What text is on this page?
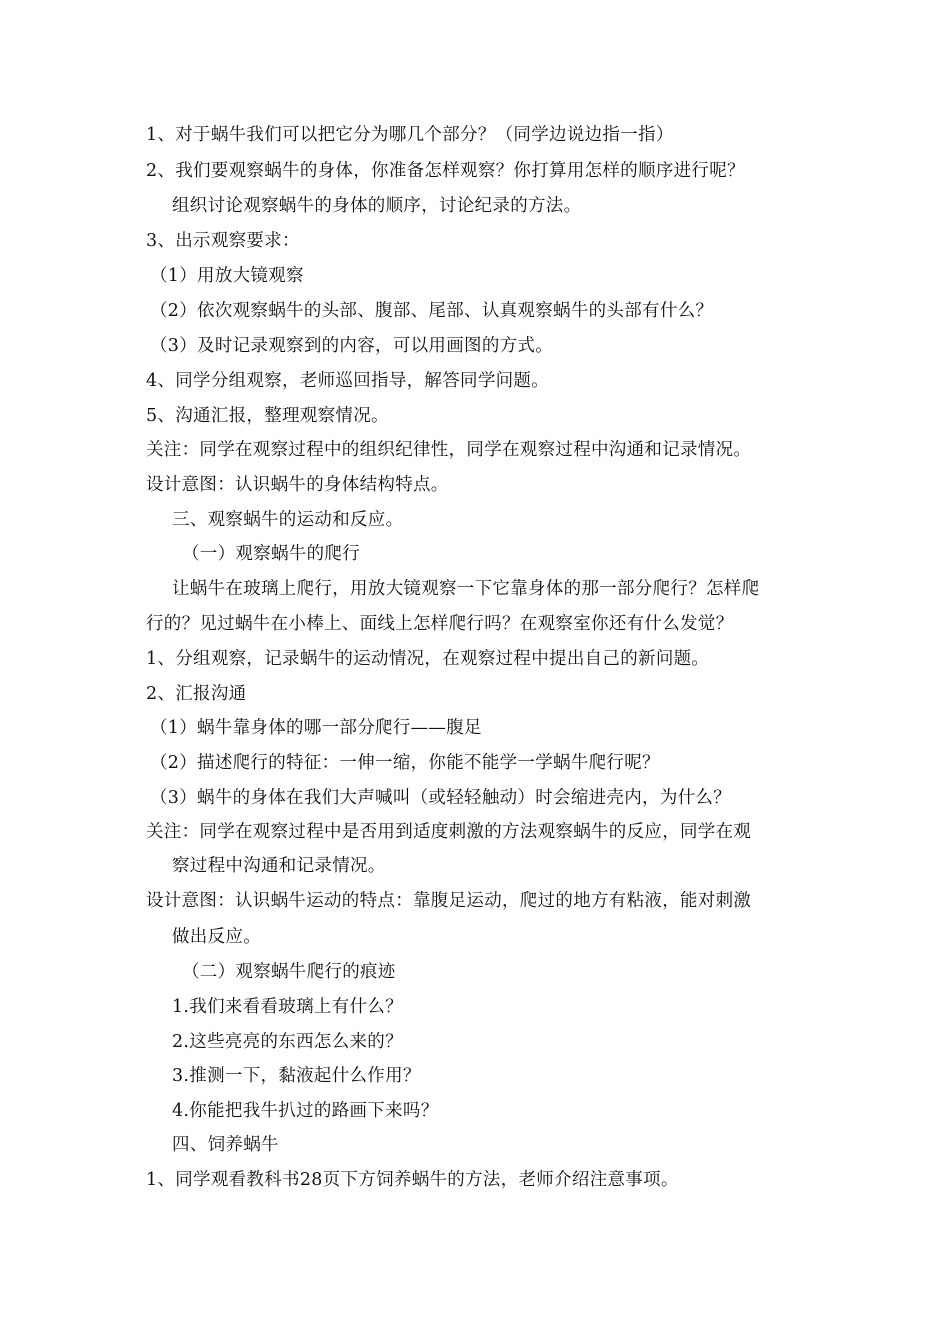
1、对于蜗牛我们可以把它分为哪几个部分？（同学边说边指一指）
2、我们要观察蜗牛的身体，你准备怎样观察？你打算用怎样的顺序进行呢？
组织讨论观察蜗牛的身体的顺序，讨论纪录的方法。
3、出示观察要求：
（1）用放大镜观察
（2）依次观察蜗牛的头部、腹部、尾部、认真观察蜗牛的头部有什么？
（3）及时记录观察到的内容，可以用画图的方式。
4、同学分组观察，老师巡回指导，解答同学问题。
5、沟通汇报，整理观察情况。
关注：同学在观察过程中的组织纪律性，同学在观察过程中沟通和记录情况。
设计意图：认识蜗牛的身体结构特点。
三、观察蜗牛的运动和反应。
（一）观察蜗牛的爬行
让蜗牛在玻璃上爬行，用放大镜观察一下它靠身体的那一部分爬行？怎样爬
行的？见过蜗牛在小棒上、面线上怎样爬行吗？在观察室你还有什么发觉？
1、分组观察，记录蜗牛的运动情况，在观察过程中提出自己的新问题。
2、汇报沟通
（1）蜗牛靠身体的哪一部分爬行——腹足
（2）描述爬行的特征：一伸一缩，你能不能学一学蜗牛爬行呢？
（3）蜗牛的身体在我们大声喊叫（或轻轻触动）时会缩进壳内，为什么？
关注：同学在观察过程中是否用到适度刺激的方法观察蜗牛的反应，同学在观
察过程中沟通和记录情况。
设计意图：认识蜗牛运动的特点：靠腹足运动，爬过的地方有粘液，能对刺激
做出反应。
（二）观察蜗牛爬行的痕迹
1.我们来看看玻璃上有什么？
2.这些亮亮的东西怎么来的？
3.推测一下，黏液起什么作用？
4.你能把我牛扒过的路画下来吗？
四、饲养蜗牛
1、同学观看教科书28页下方饲养蜗牛的方法，老师介绍注意事项。
